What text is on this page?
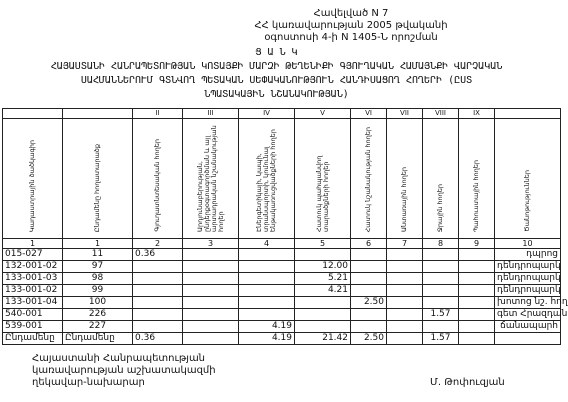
Հավելված N 7
ՀՀ կառավարության 2005 թվականի
օգոստոսի 4-ի N 1405-Ն որոշման
Ց Ա Ն Կ
ՀԱՅԱՍՏԱՆԻ ՀԱՆՐԱՊԵՏՈՒԹՅԱՆ ԿՈՏԱՅՔԻ ՄԱՐԶԻ ԹԵՂԵՆԻՔԻ ԳՅՈՒՂԱԿԱՆ ՀԱՄԱՅՆՔԻ ՎԱՐՉԱԿԱՆ
ՍԱՀՄԱՆՆԵՐՈՒՄ ԳՏՆՎՈՂ ՊԵՏԱԿԱՆ ՍԵՓԱԿԱՆՈՒԹՅՈՒՆ ՀԱՆԴԻՍԱՑՈՂ ՀՈՂԵՐԻ (ԸՍՏ
ՆՊԱՏԱԿԱՅԻՆ ՆՇԱՆԱԿՈՒԹՅԱՆ)
		II	III	IV	V	VI	VII	VIII	IX	
Կադաստրային ծածկագիր	Ընդամենը հողատարածք	Գյուղատնտեսական հողեր	Արդյունաբերության, ընդերքօգտագործման և այլ արտադրական նշանակության հողեր	Էներգետիկայի, կապի, տրանսպորտի, կոմունալ ենթակառուցվածքների հողեր	Հատուկ պահպանվող տարածքների հողեր	Հատուկ նշանակության հողեր	Անտառային հողեր	Ջրային հողեր	Պահուստային հողեր	Ծանոթություններ
1	1	2	3	4	5	6	7	8	9	10
015-027	11	0.36								դպրոց
132-001-02	97				12.00					դենդրոպարկ
133-001-03	98				5.21					դենդրոպարկ
133-001-02	99				4.21					դենդրոպարկ
133-001-04	100					2.50				խոտոց նշ. հող
540-001	226							1.57		գետ Հրազդան
539-001	227			4.19						ճանապարհ
Ընդամենը	Ընդամենը	0.36		4.19	21.42	2.50		1.57		
Հայաստանի Հանրապետության
կառավարության աշխատակազմի
ղեկավար-նախարար	Մ. Թոփուզյան
